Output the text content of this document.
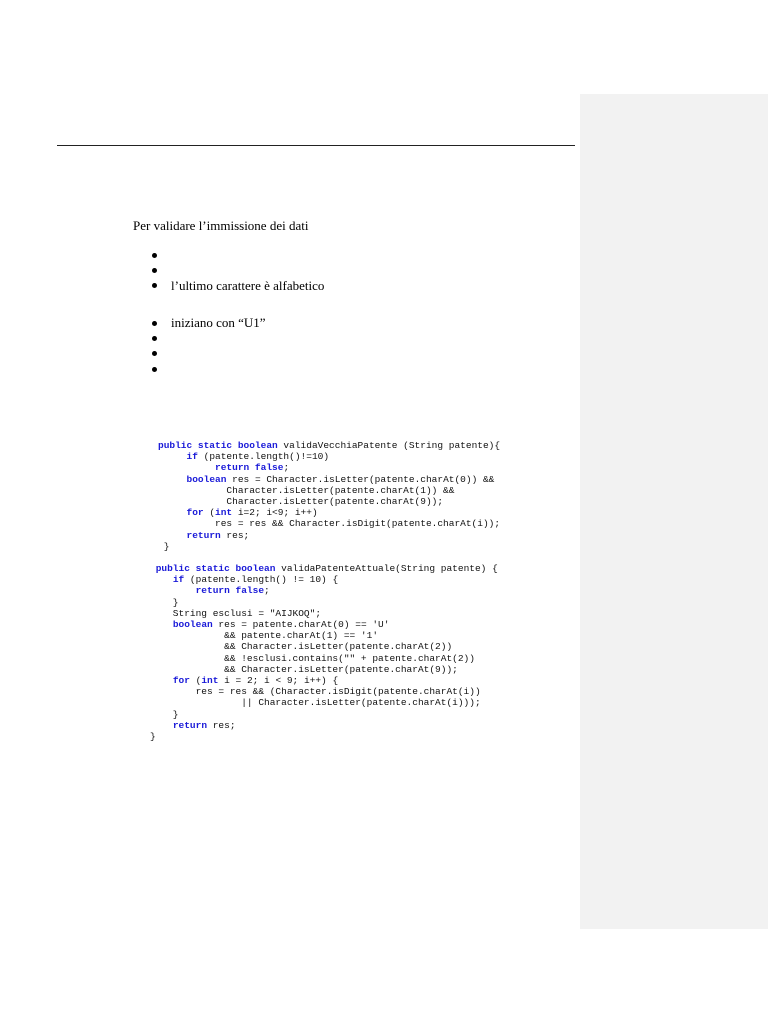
Per validare l’immissione dei dati
l’ultimo carattere è alfabetico
iniziano con “U1”
public static boolean validaVecchiaPatente (String patente){
if (patente.length()!=10)
return false;
boolean res = Character.isLetter(patente.charAt(0)) &&
Character.isLetter(patente.charAt(1)) &&
Character.isLetter(patente.charAt(9));
for (int i=2; i<9; i++)
res = res && Character.isDigit(patente.charAt(i));
return res;
}

public static boolean validaPatenteAttuale(String patente) {
if (patente.length() != 10) {
return false;
}
String esclusi = "AIJKOQ";
boolean res = patente.charAt(0) == 'U'
&& patente.charAt(1) == '1'
&& Character.isLetter(patente.charAt(2))
&& !esclusi.contains("" + patente.charAt(2))
&& Character.isLetter(patente.charAt(9));
for (int i = 2; i < 9; i++) {
res = res && (Character.isDigit(patente.charAt(i))
|| Character.isLetter(patente.charAt(i)));
}
return res;
}
